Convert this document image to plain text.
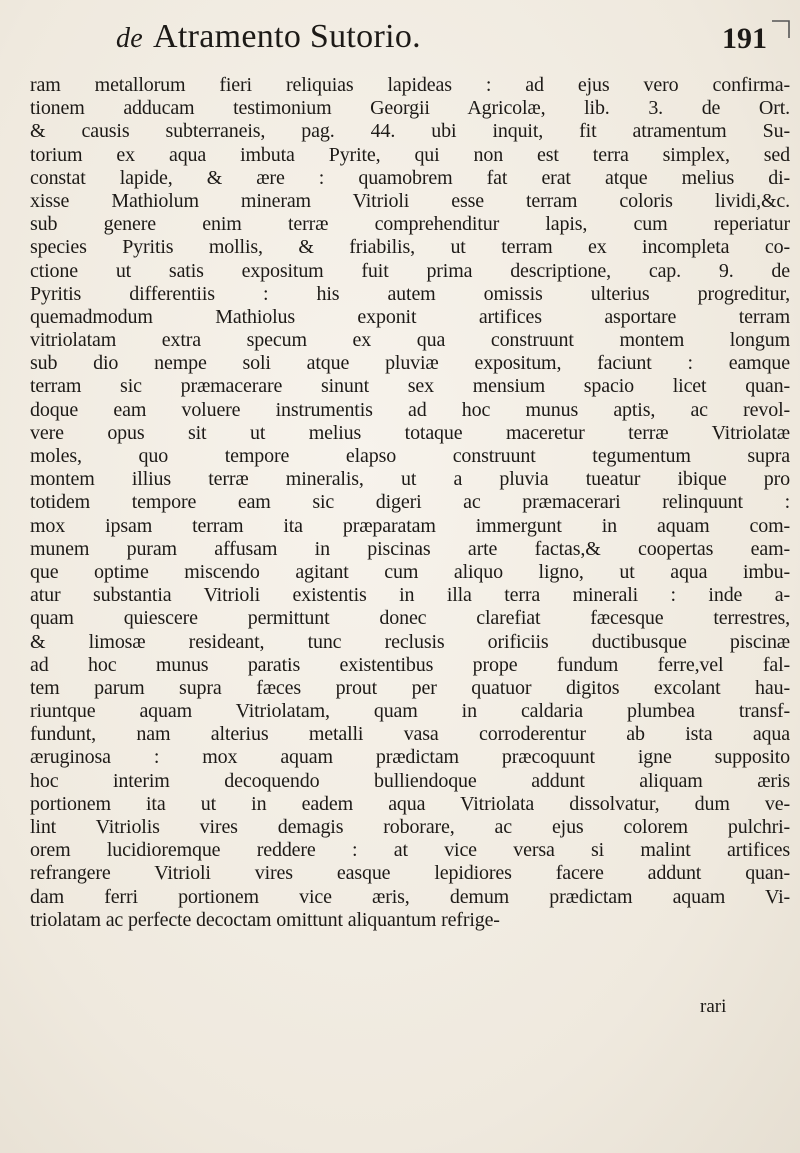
de Atramento Sutorio.	191
ram metallorum fieri reliquias lapideas : ad ejus vero confirma-
tionem adducam testimonium Georgii Agricolæ, lib. 3. de Ort.
& causis subterraneis, pag. 44. ubi inquit, fit atramentum Su-
torium ex aqua imbuta Pyrite, qui non est terra simplex, sed
constat lapide, & ære : quamobrem fat erat atque melius di-
xisse Mathiolum mineram Vitrioli esse terram coloris lividi,&c.
sub genere enim terræ comprehenditur lapis, cum reperiatur
species Pyritis mollis, & friabilis, ut terram ex incompleta co-
ctione ut satis expositum fuit prima descriptione, cap. 9. de
Pyritis differentiis : his autem omissis ulterius progreditur,
quemadmodum Mathiolus exponit artifices asportare terram
vitriolatam extra specum ex qua construunt montem longum
sub dio nempe soli atque pluviæ expositum, faciunt : eamque
terram sic præmacerare sinunt sex mensium spacio licet quan-
doque eam voluere instrumentis ad hoc munus aptis, ac revol-
vere opus sit ut melius totaque maceretur terræ Vitriolatæ
moles, quo tempore elapso construunt tegumentum supra
montem illius terræ mineralis, ut a pluvia tueatur ibique pro
totidem tempore eam sic digeri ac præmacerari relinquunt :
mox ipsam terram ita præparatam immergunt in aquam com-
munem puram affusam in piscinas arte factas,& coopertas eam-
que optime miscendo agitant cum aliquo ligno, ut aqua imbu-
atur substantia Vitrioli existentis in illa terra minerali : inde a-
quam quiescere permittunt donec clarefiat fæcesque terrestres,
& limosæ resideant, tunc reclusis orificiis ductibusque piscinæ
ad hoc munus paratis existentibus prope fundum ferre,vel fal-
tem parum supra fæces prout per quatuor digitos excolant hau-
riuntque aquam Vitriolatam, quam in caldaria plumbea transf-
fundunt, nam alterius metalli vasa corroderentur ab ista aqua
æruginosa : mox aquam prædictam præcoquunt igne supposito
hoc interim decoquendo bulliendoque addunt aliquam æris
portionem ita ut in eadem aqua Vitriolata dissolvatur, dum ve-
lint Vitriolis vires demagis roborare, ac ejus colorem pulchri-
orem lucidioremque reddere : at vice versa si malint artifices
refrangere Vitrioli vires easque lepidiores facere addunt quan-
dam ferri portionem vice æris, demum prædictam aquam Vi-
triolatam ac perfecte decoctam omittunt aliquantum refrige-
rari
